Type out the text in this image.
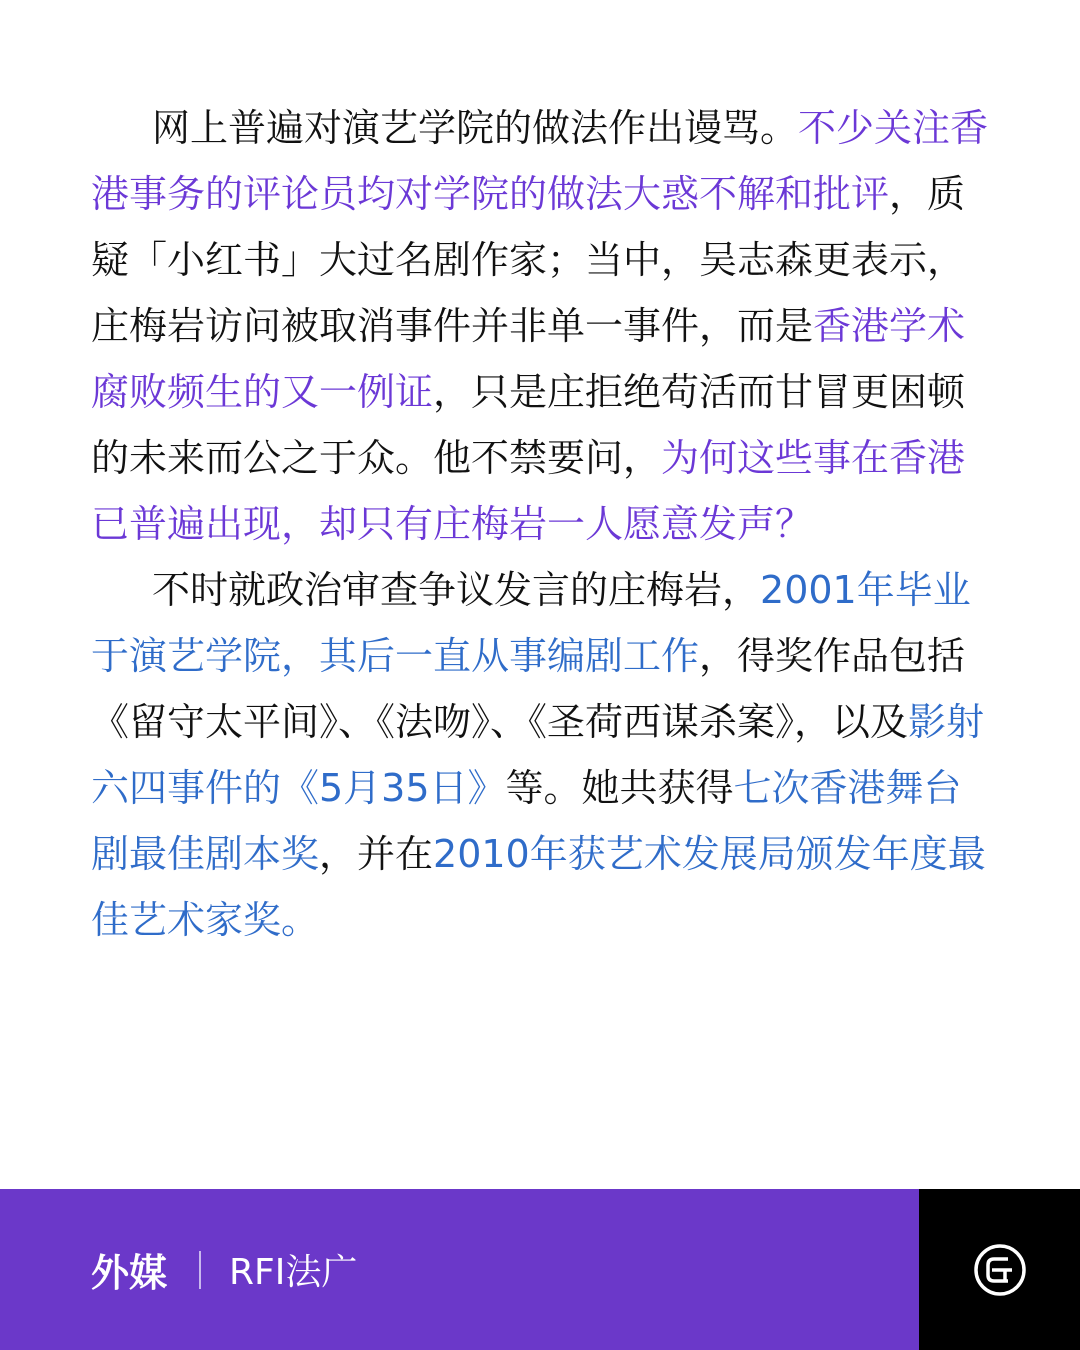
网上普遍对演艺学院的做法作出谩骂。不少关注香港事务的评论员均对学院的做法大惑不解和批评，质疑「小红书」大过名剧作家；当中，吴志森更表示，庄梅岩访问被取消事件并非单一事件，而是香港学术腐败频生的又一例证，只是庄拒绝苟活而甘冒更困顿的未来而公之于众。他不禁要问，为何这些事在香港已普遍出现，却只有庄梅岩一人愿意发声？

不时就政治审查争议发言的庄梅岩，2001年毕业于演艺学院，其后一直从事编剧工作，得奖作品包括《留守太平间》、《法吻》、《圣荷西谋杀案》，以及影射六四事件的《5月35日》等。她共获得七次香港舞台剧最佳剧本奖，并在2010年获艺术发展局颁发年度最佳艺术家奖。

外媒 RFI法广
